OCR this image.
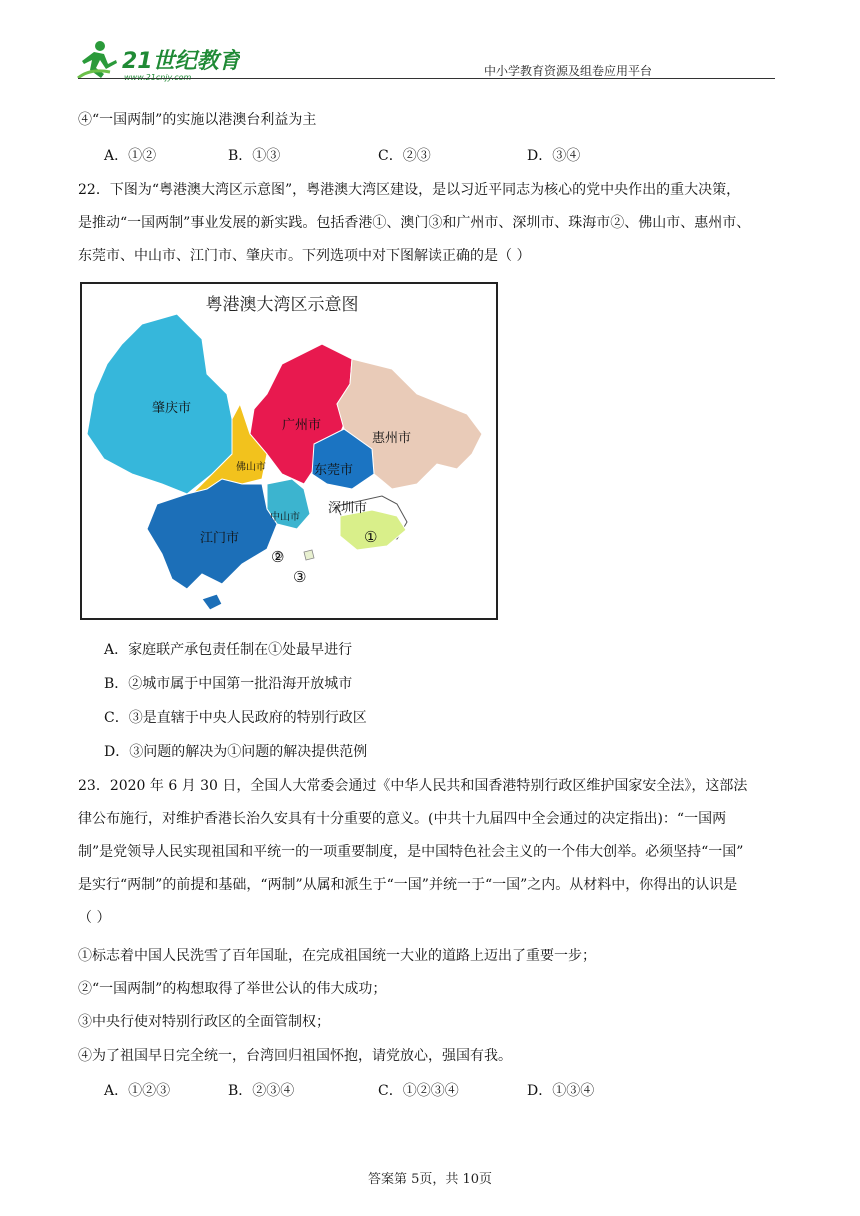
21世纪教育	中小学教育资源及组卷应用平台
④“一国两制”的实施以港澳台利益为主
A．①②	B．①③	C．②③	D．③④
22．下图为“粤港澳大湾区示意图”，粤港澳大湾区建设，是以习近平同志为核心的党中央作出的重大决策，
是推动“一国两制”事业发展的新实践。包括香港①、澳门③和广州市、深圳市、珠海市②、佛山市、惠州市、
东莞市、中山市、江门市、肇庆市。下列选项中对下图解读正确的是（ ）
粤港澳大湾区示意图
肇庆市
广州市
惠州市
佛山市	东莞市
深圳市
中山市
江门市	①
②
③
A．家庭联产承包责任制在①处最早进行
B．②城市属于中国第一批沿海开放城市
C．③是直辖于中央人民政府的特别行政区
D．③问题的解决为①问题的解决提供范例
23．2020 年 6 月 30 日，全国人大常委会通过《中华人民共和国香港特别行政区维护国家安全法》，这部法
律公布施行，对维护香港长治久安具有十分重要的意义。(中共十九届四中全会通过的决定指出)：“一国两
制”是党领导人民实现祖国和平统一的一项重要制度，是中国特色社会主义的一个伟大创举。必须坚持“一国”
是实行“两制”的前提和基础，“两制”从属和派生于“一国”并统一于“一国”之内。从材料中，你得出的认识是
（ ）
①标志着中国人民洗雪了百年国耻，在完成祖国统一大业的道路上迈出了重要一步；
②“一国两制”的构想取得了举世公认的伟大成功；
③中央行使对特别行政区的全面管制权；
④为了祖国早日完全统一，台湾回归祖国怀抱，请党放心，强国有我。
A．①②③	B．②③④	C．①②③④	D．①③④
答案第 5页，共 10页
